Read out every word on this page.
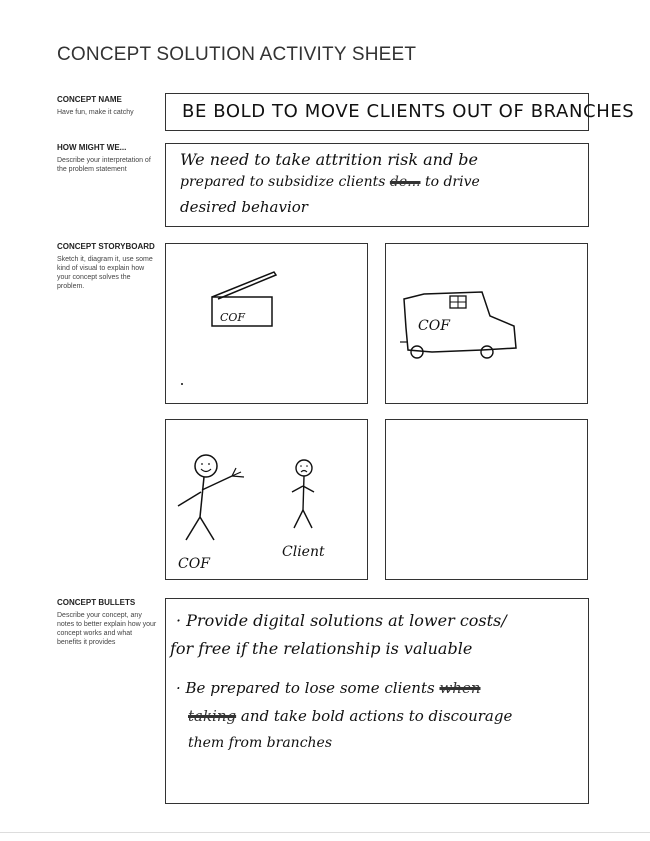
CONCEPT SOLUTION ACTIVITY SHEET
CONCEPT NAME
Have fun, make it catchy	BE BOLD TO MOVE CLIENTS OUT OF BRANCHES
HOW MIGHT WE...
Describe your interpretation of the problem statement
We need to take attrition risk and be
prepared to subsidize clients de... to drive
desired behavior
CONCEPT STORYBOARD
Sketch it, diagram it, use some kind of visual to explain how your concept solves the problem.
COF
COF
COF
Client
CONCEPT BULLETS
Describe your concept, any notes to better explain how your concept works and what benefits it provides
· Provide digital solutions at lower costs/
for free if the relationship is valuable
· Be prepared to lose some clients when
taking and take bold actions to discourage
them from branches
